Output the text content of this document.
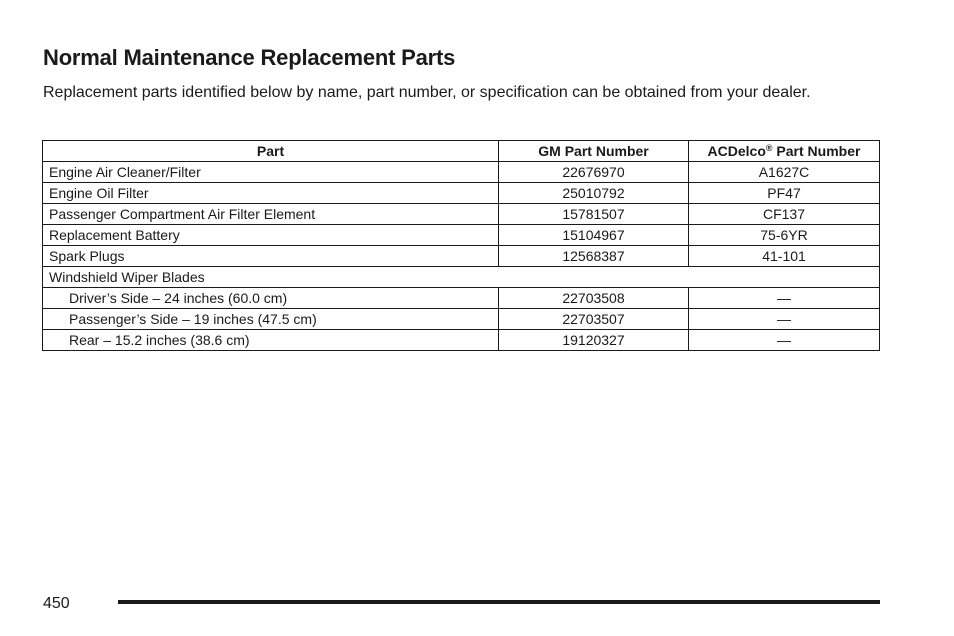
Normal Maintenance Replacement Parts

Replacement parts identified below by name, part number, or specification can be obtained from your dealer.

Part	GM Part Number	ACDelco® Part Number
Engine Air Cleaner/Filter	22676970	A1627C
Engine Oil Filter	25010792	PF47
Passenger Compartment Air Filter Element	15781507	CF137
Replacement Battery	15104967	75-6YR
Spark Plugs	12568387	41-101
Windshield Wiper Blades		
Driver’s Side – 24 inches (60.0 cm)	22703508	—
Passenger’s Side – 19 inches (47.5 cm)	22703507	—
Rear – 15.2 inches (38.6 cm)	19120327	—
450
